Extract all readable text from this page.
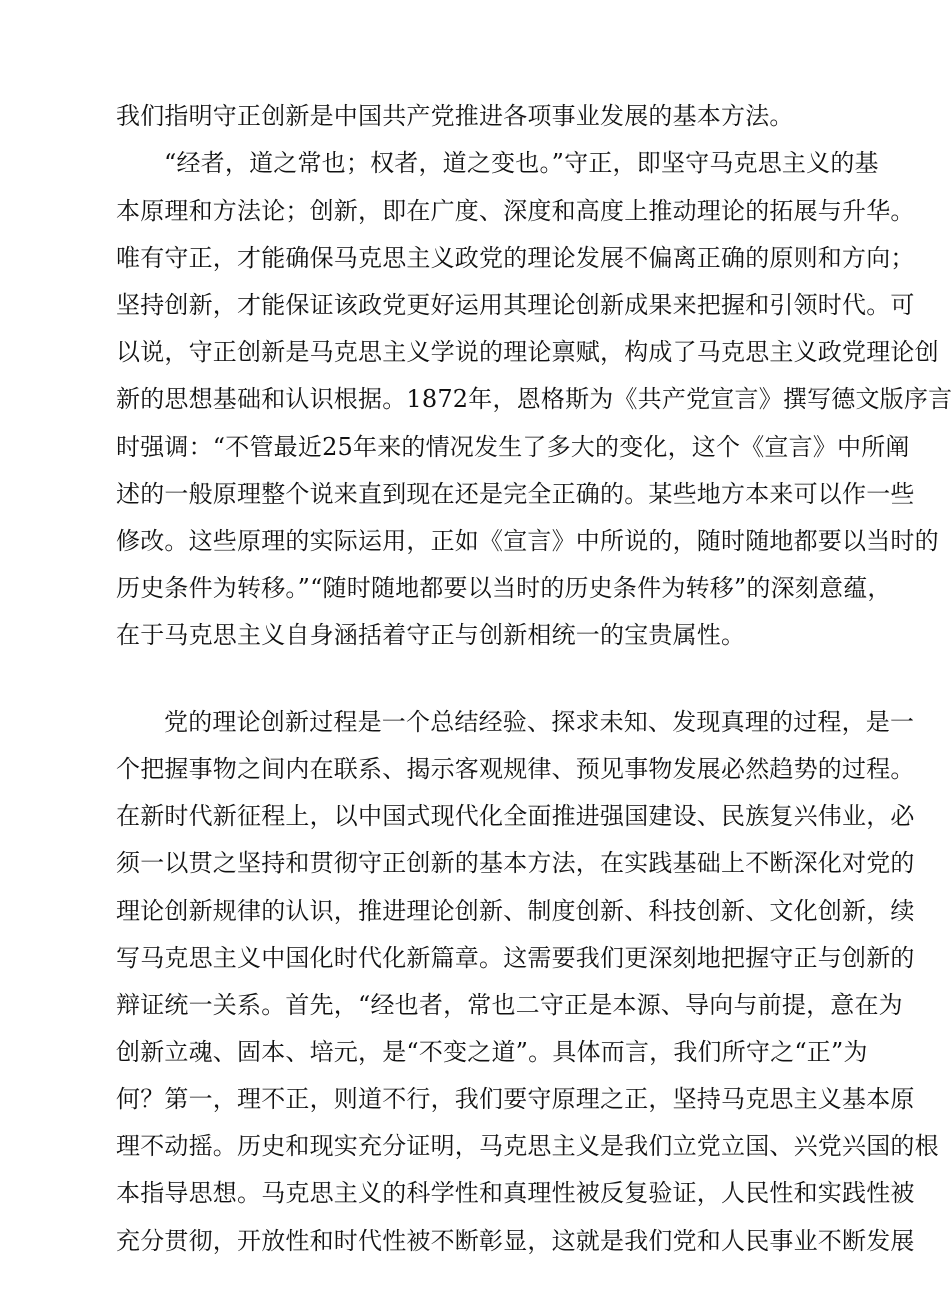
我们指明守正创新是中国共产党推进各项事业发展的基本方法。
“经者，道之常也；权者，道之变也。”守正，即坚守马克思主义的基
本原理和方法论；创新，即在广度、深度和高度上推动理论的拓展与升华。
唯有守正，才能确保马克思主义政党的理论发展不偏离正确的原则和方向；
坚持创新，才能保证该政党更好运用其理论创新成果来把握和引领时代。可
以说，守正创新是马克思主义学说的理论禀赋，构成了马克思主义政党理论创
新的思想基础和认识根据。1872年，恩格斯为《共产党宣言》撰写德文版序言
时强调：“不管最近25年来的情况发生了多大的变化，这个《宣言》中所阐
述的一般原理整个说来直到现在还是完全正确的。某些地方本来可以作一些
修改。这些原理的实际运用，正如《宣言》中所说的，随时随地都要以当时的
历史条件为转移。”“随时随地都要以当时的历史条件为转移”的深刻意蕴，
在于马克思主义自身涵括着守正与创新相统一的宝贵属性。
党的理论创新过程是一个总结经验、探求未知、发现真理的过程，是一
个把握事物之间内在联系、揭示客观规律、预见事物发展必然趋势的过程。
在新时代新征程上，以中国式现代化全面推进强国建设、民族复兴伟业，必
须一以贯之坚持和贯彻守正创新的基本方法，在实践基础上不断深化对党的
理论创新规律的认识，推进理论创新、制度创新、科技创新、文化创新，续
写马克思主义中国化时代化新篇章。这需要我们更深刻地把握守正与创新的
辩证统一关系。首先，“经也者，常也二守正是本源、导向与前提，意在为
创新立魂、固本、培元，是“不变之道”。具体而言，我们所守之“正”为
何？第一，理不正，则道不行，我们要守原理之正，坚持马克思主义基本原
理不动摇。历史和现实充分证明，马克思主义是我们立党立国、兴党兴国的根
本指导思想。马克思主义的科学性和真理性被反复验证，人民性和实践性被
充分贯彻，开放性和时代性被不断彰显，这就是我们党和人民事业不断发展
